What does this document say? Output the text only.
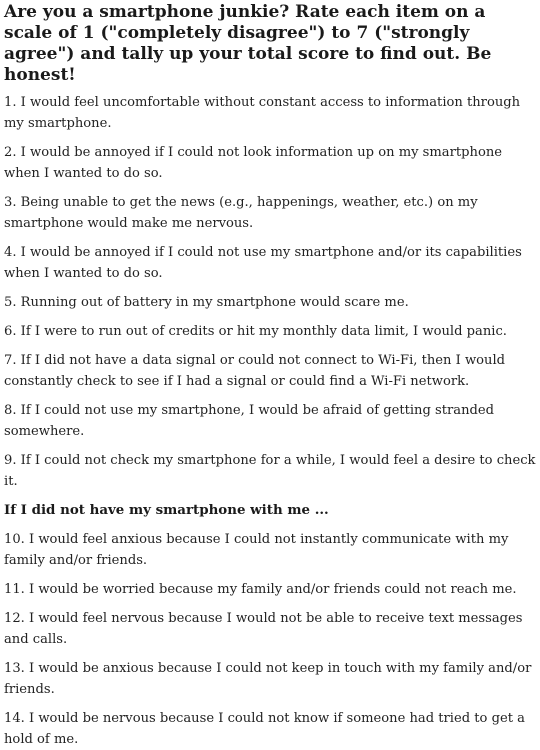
Are you a smartphone junkie? Rate each item on a scale of 1 ("completely disagree") to 7 ("strongly agree") and tally up your total score to find out. Be honest!
1. I would feel uncomfortable without constant access to information through my smartphone.
2. I would be annoyed if I could not look information up on my smartphone when I wanted to do so.
3. Being unable to get the news (e.g., happenings, weather, etc.) on my smartphone would make me nervous.
4. I would be annoyed if I could not use my smartphone and/or its capabilities when I wanted to do so.
5. Running out of battery in my smartphone would scare me.
6. If I were to run out of credits or hit my monthly data limit, I would panic.
7. If I did not have a data signal or could not connect to Wi-Fi, then I would constantly check to see if I had a signal or could find a Wi-Fi network.
8. If I could not use my smartphone, I would be afraid of getting stranded somewhere.
9. If I could not check my smartphone for a while, I would feel a desire to check it.
If I did not have my smartphone with me ...
10. I would feel anxious because I could not instantly communicate with my family and/or friends.
11. I would be worried because my family and/or friends could not reach me.
12. I would feel nervous because I would not be able to receive text messages and calls.
13. I would be anxious because I could not keep in touch with my family and/or friends.
14. I would be nervous because I could not know if someone had tried to get a hold of me.
